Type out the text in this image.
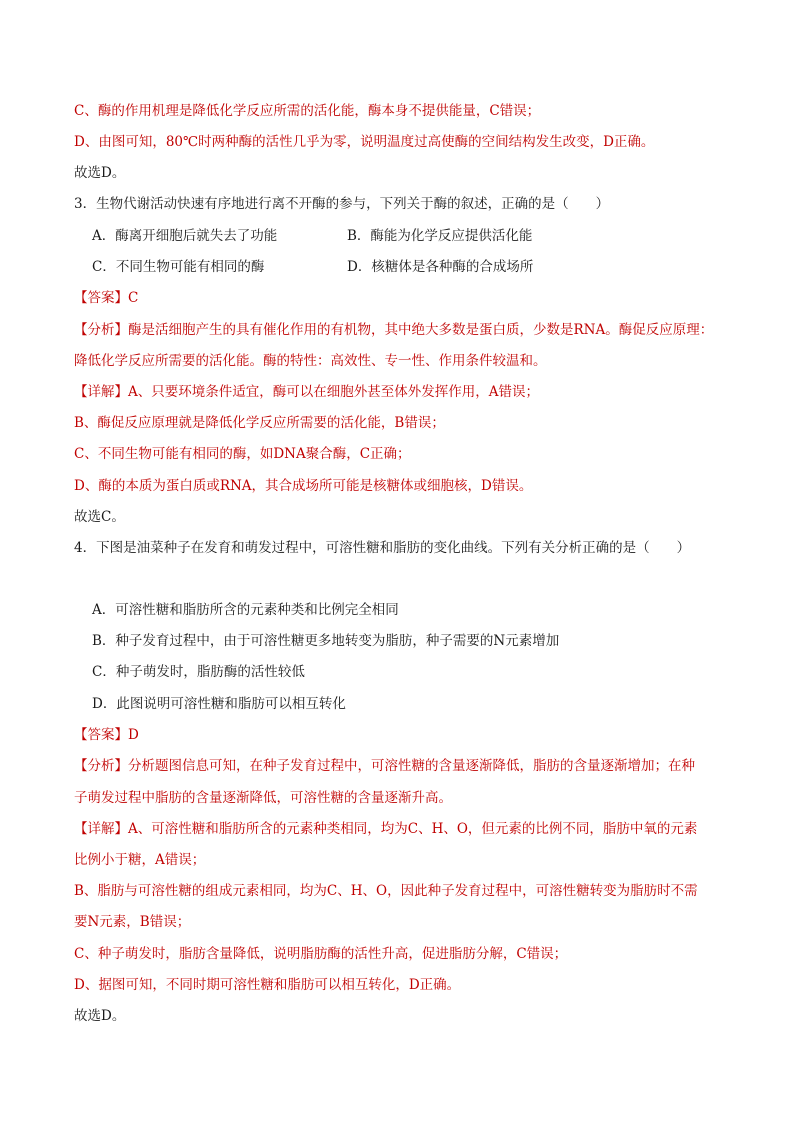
C、酶的作用机理是降低化学反应所需的活化能，酶本身不提供能量，C错误；
D、由图可知，80℃时两种酶的活性几乎为零，说明温度过高使酶的空间结构发生改变，D正确。
故选D。
3．生物代谢活动快速有序地进行离不开酶的参与，下列关于酶的叙述，正确的是（　　）
A．酶离开细胞后就失去了功能	B．酶能为化学反应提供活化能
C．不同生物可能有相同的酶	D．核糖体是各种酶的合成场所
【答案】C
【分析】酶是活细胞产生的具有催化作用的有机物，其中绝大多数是蛋白质，少数是RNA。酶促反应原理：
降低化学反应所需要的活化能。酶的特性：高效性、专一性、作用条件较温和。
【详解】A、只要环境条件适宜，酶可以在细胞外甚至体外发挥作用，A错误；
B、酶促反应原理就是降低化学反应所需要的活化能，B错误；
C、不同生物可能有相同的酶，如DNA聚合酶，C正确；
D、酶的本质为蛋白质或RNA，其合成场所可能是核糖体或细胞核，D错误。
故选C。
4．下图是油菜种子在发育和萌发过程中，可溶性糖和脂肪的变化曲线。下列有关分析正确的是（　　）
A．可溶性糖和脂肪所含的元素种类和比例完全相同
B．种子发育过程中，由于可溶性糖更多地转变为脂肪，种子需要的N元素增加
C．种子萌发时，脂肪酶的活性较低
D．此图说明可溶性糖和脂肪可以相互转化
【答案】D
【分析】分析题图信息可知，在种子发育过程中，可溶性糖的含量逐渐降低，脂肪的含量逐渐增加；在种
子萌发过程中脂肪的含量逐渐降低，可溶性糖的含量逐渐升高。
【详解】A、可溶性糖和脂肪所含的元素种类相同，均为C、H、O，但元素的比例不同，脂肪中氧的元素
比例小于糖，A错误；
B、脂肪与可溶性糖的组成元素相同，均为C、H、O，因此种子发育过程中，可溶性糖转变为脂肪时不需
要N元素，B错误；
C、种子萌发时，脂肪含量降低，说明脂肪酶的活性升高，促进脂肪分解，C错误；
D、据图可知，不同时期可溶性糖和脂肪可以相互转化，D正确。
故选D。
